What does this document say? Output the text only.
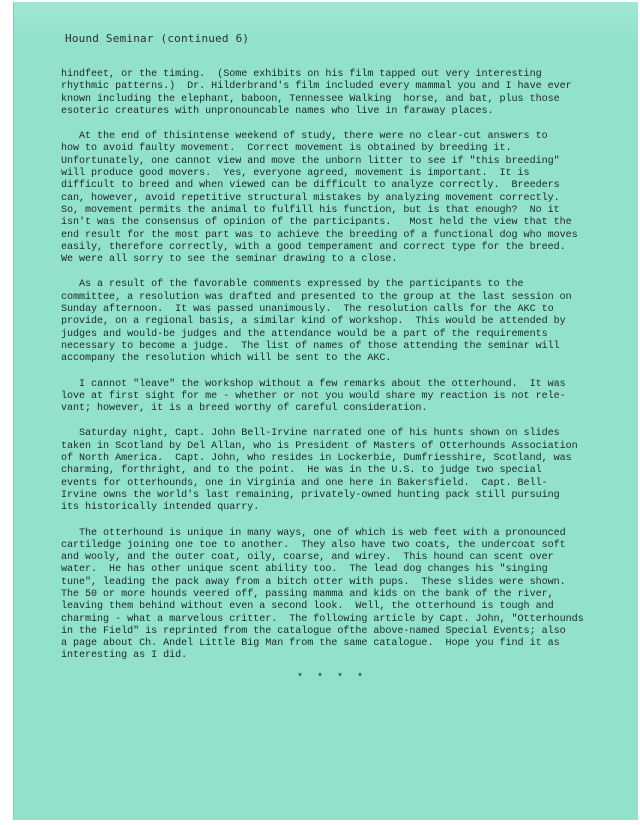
Hound Seminar (continued 6)

hindfeet, or the timing.  (Some exhibits on his film tapped out very interesting
rhythmic patterns.)  Dr. Hilderbrand's film included every mammal you and I have ever
known including the elephant, baboon, Tennessee Walking  horse, and bat, plus those
esoteric creatures with unpronouncable names who live in faraway places.

At the end of thisintense weekend of study, there were no clear-cut answers to
how to avoid faulty movement.  Correct movement is obtained by breeding it.
Unfortunately, one cannot view and move the unborn litter to see if "this breeding"
will produce good movers.  Yes, everyone agreed, movement is important.  It is
difficult to breed and when viewed can be difficult to analyze correctly.  Breeders
can, however, avoid repetitive structural mistakes by analyzing movement correctly.
So, movement permits the animal to fulfill his function, but is that enough?  No it
isn't was the consensus of opinion of the participants.   Most held the view that the
end result for the most part was to achieve the breeding of a functional dog who moves
easily, therefore correctly, with a good temperament and correct type for the breed.
We were all sorry to see the seminar drawing to a close.

As a result of the favorable comments expressed by the participants to the
committee, a resolution was drafted and presented to the group at the last session on
Sunday afternoon.  It was passed unanimously.  The resolution calls for the AKC to
provide, on a regional basis, a similar kind of workshop.  This would be attended by
judges and would-be judges and the attendance would be a part of the requirements
necessary to become a judge.  The list of names of those attending the seminar will
accompany the resolution which will be sent to the AKC.

I cannot "leave" the workshop without a few remarks about the otterhound.  It was
love at first sight for me - whether or not you would share my reaction is not rele-
vant; however, it is a breed worthy of careful consideration.

Saturday night, Capt. John Bell-Irvine narrated one of his hunts shown on slides
taken in Scotland by Del Allan, who is President of Masters of Otterhounds Association
of North America.  Capt. John, who resides in Lockerbie, Dumfriesshire, Scotland, was
charming, forthright, and to the point.  He was in the U.S. to judge two special
events for otterhounds, one in Virginia and one here in Bakersfield.  Capt. Bell-
Irvine owns the world's last remaining, privately-owned hunting pack still pursuing
its historically intended quarry.

The otterhound is unique in many ways, one of which is web feet with a pronounced
cartiledge joining one toe to another.  They also have two coats, the undercoat soft
and wooly, and the outer coat, oily, coarse, and wirey.  This hound can scent over
water.  He has other unique scent ability too.  The lead dog changes his "singing
tune", leading the pack away from a bitch otter with pups.  These slides were shown.
The 50 or more hounds veered off, passing mamma and kids on the bank of the river,
leaving them behind without even a second look.  Well, the otterhound is tough and
charming - what a marvelous critter.  The following article by Capt. John, "Otterhounds
in the Field" is reprinted from the catalogue ofthe above-named Special Events; also
a page about Ch. Andel Little Big Man from the same catalogue.  Hope you find it as
interesting as I did.

* * * *
